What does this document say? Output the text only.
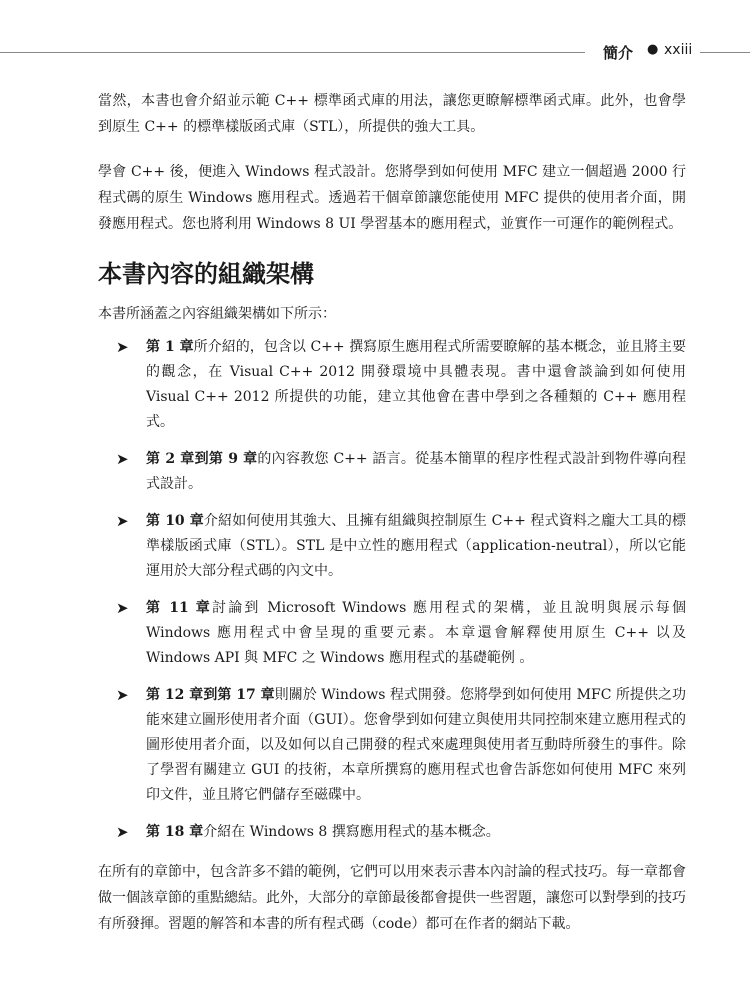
簡介 ● xxiii

當然，本書也會介紹並示範 C++ 標準函式庫的用法，讓您更瞭解標準函式庫。此外，也會學到原生 C++ 的標準樣版函式庫（STL），所提供的強大工具。

學會 C++ 後，便進入 Windows 程式設計。您將學到如何使用 MFC 建立一個超過 2000 行程式碼的原生 Windows 應用程式。透過若干個章節讓您能使用 MFC 提供的使用者介面，開發應用程式。您也將利用 Windows 8 UI 學習基本的應用程式，並實作一可運作的範例程式。

本書內容的組織架構

本書所涵蓋之內容組織架構如下所示：

➤ 第 1 章所介紹的，包含以 C++ 撰寫原生應用程式所需要瞭解的基本概念，並且將主要的觀念，在 Visual C++ 2012 開發環境中具體表現。書中還會談論到如何使用 Visual C++ 2012 所提供的功能，建立其他會在書中學到之各種類的 C++ 應用程式。
➤ 第 2 章到第 9 章的內容教您 C++ 語言。從基本簡單的程序性程式設計到物件導向程式設計。
➤ 第 10 章介紹如何使用其強大、且擁有組織與控制原生 C++ 程式資料之龐大工具的標準樣版函式庫（STL）。STL 是中立性的應用程式（application-neutral），所以它能運用於大部分程式碼的內文中。
➤ 第 11 章討論到 Microsoft Windows 應用程式的架構，並且說明與展示每個 Windows 應用程式中會呈現的重要元素。本章還會解釋使用原生 C++ 以及 Windows API 與 MFC 之 Windows 應用程式的基礎範例 。
➤ 第 12 章到第 17 章則關於 Windows 程式開發。您將學到如何使用 MFC 所提供之功能來建立圖形使用者介面（GUI）。您會學到如何建立與使用共同控制來建立應用程式的圖形使用者介面，以及如何以自己開發的程式來處理與使用者互動時所發生的事件。除了學習有關建立 GUI 的技術，本章所撰寫的應用程式也會告訴您如何使用 MFC 來列印文件，並且將它們儲存至磁碟中。
➤ 第 18 章介紹在 Windows 8 撰寫應用程式的基本概念。

在所有的章節中，包含許多不錯的範例，它們可以用來表示書本內討論的程式技巧。每一章都會做一個該章節的重點總結。此外，大部分的章節最後都會提供一些習題，讓您可以對學到的技巧有所發揮。習題的解答和本書的所有程式碼（code）都可在作者的網站下載。
